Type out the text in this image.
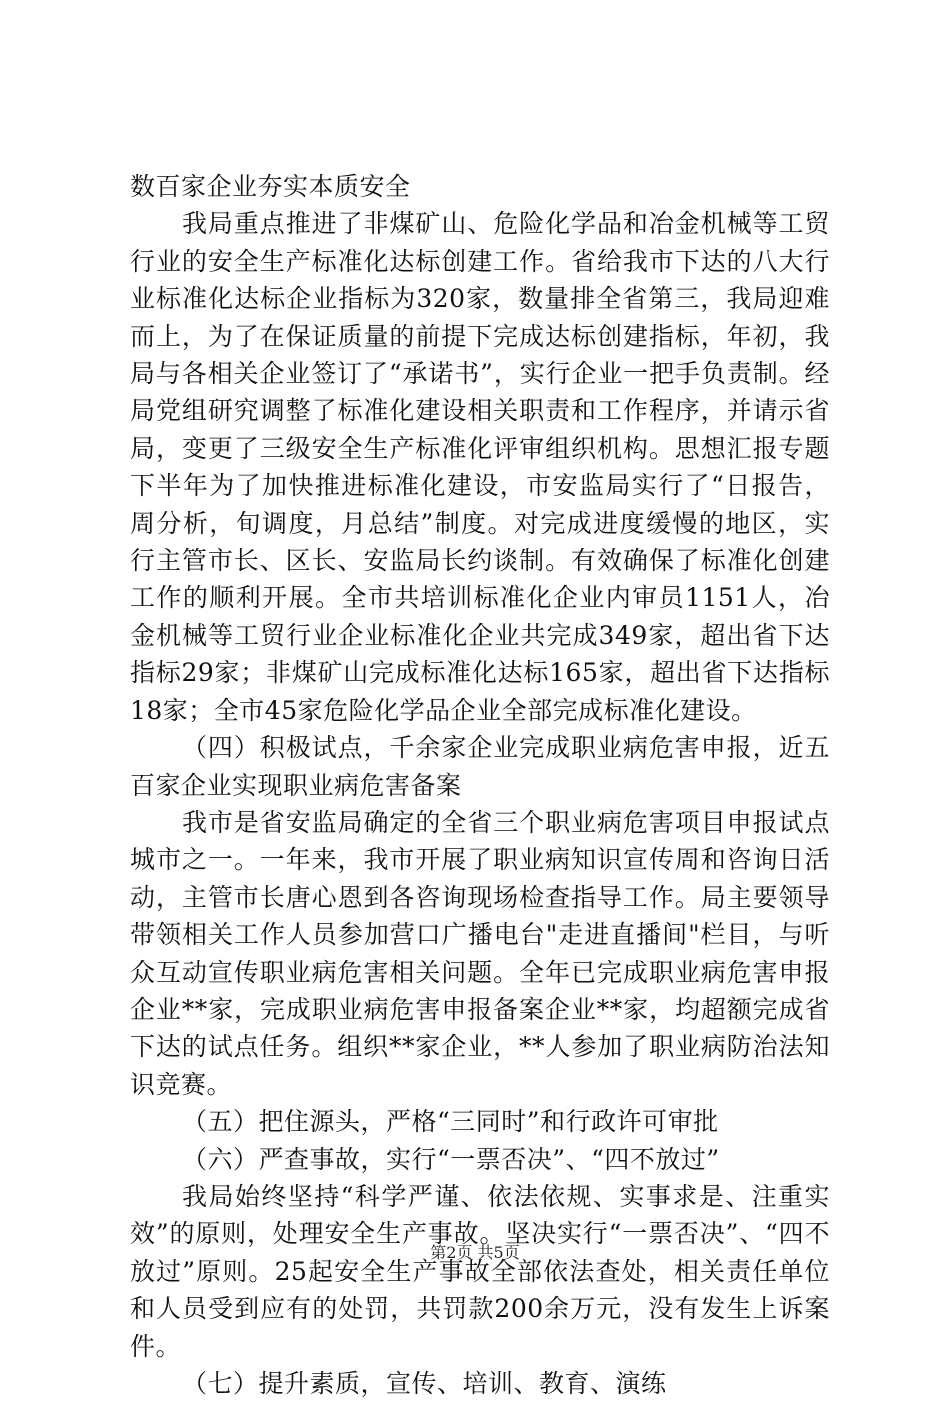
数百家企业夯实本质安全

我局重点推进了非煤矿山、危险化学品和冶金机械等工贸行业的安全生产标准化达标创建工作。省给我市下达的八大行业标准化达标企业指标为320家，数量排全省第三，我局迎难而上，为了在保证质量的前提下完成达标创建指标，年初，我局与各相关企业签订了“承诺书”，实行企业一把手负责制。经局党组研究调整了标准化建设相关职责和工作程序，并请示省局，变更了三级安全生产标准化评审组织机构。思想汇报专题下半年为了加快推进标准化建设，市安监局实行了“日报告，周分析，旬调度，月总结”制度。对完成进度缓慢的地区，实行主管市长、区长、安监局长约谈制。有效确保了标准化创建工作的顺利开展。全市共培训标准化企业内审员1151人，冶金机械等工贸行业企业标准化企业共完成349家，超出省下达指标29家；非煤矿山完成标准化达标165家，超出省下达指标18家；全市45家危险化学品企业全部完成标准化建设。

（四）积极试点，千余家企业完成职业病危害申报，近五百家企业实现职业病危害备案

我市是省安监局确定的全省三个职业病危害项目申报试点城市之一。一年来，我市开展了职业病知识宣传周和咨询日活动，主管市长唐心恩到各咨询现场检查指导工作。局主要领导带领相关工作人员参加营口广播电台"走进直播间"栏目，与听众互动宣传职业病危害相关问题。全年已完成职业病危害申报企业**家，完成职业病危害申报备案企业**家，均超额完成省下达的试点任务。组织**家企业，**人参加了职业病防治法知识竞赛。

（五）把住源头，严格“三同时”和行政许可审批

（六）严查事故，实行“一票否决”、“四不放过”

我局始终坚持“科学严谨、依法依规、实事求是、注重实效”的原则，处理安全生产事故。坚决实行“一票否决”、“四不放过”原则。25起安全生产事故全部依法查处，相关责任单位和人员受到应有的处罚，共罚款200余万元，没有发生上诉案件。

（七）提升素质，宣传、培训、教育、演练

第2页 共5页
